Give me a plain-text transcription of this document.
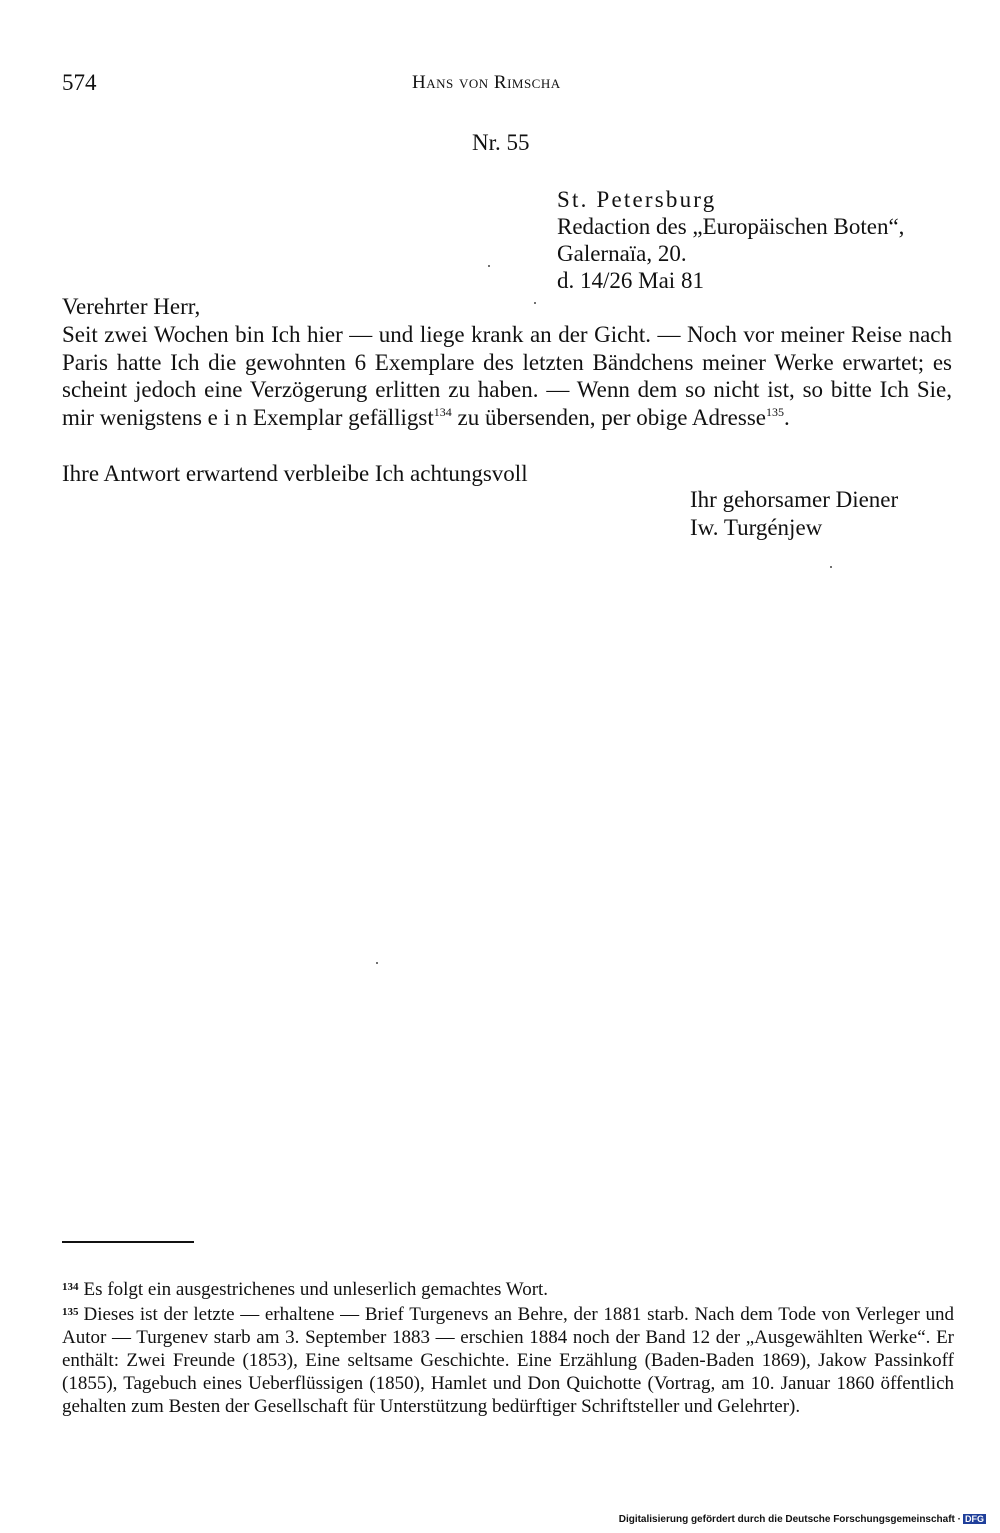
574	Hans von Rimscha
Nr. 55
St. Petersburg
Redaction des „Europäischen Boten“,
Galernaïa, 20.
d. 14/26 Mai 81
Verehrter Herr,

Seit zwei Wochen bin Ich hier — und liege krank an der Gicht. — Noch vor meiner Reise nach Paris hatte Ich die gewohnten 6 Exemplare des letzten Bändchens meiner Werke erwartet; es scheint jedoch eine Verzögerung erlitten zu haben. — Wenn dem so nicht ist, so bitte Ich Sie, mir wenigstens e i n Exemplar gefälligst$^{134}$ zu übersenden, per obige Adresse$^{135}$.

Ihre Antwort erwartend verbleibe Ich achtungsvoll
Ihr gehorsamer Diener
Iw. Turgénjew

$^{134}$ Es folgt ein ausgestrichenes und unleserlich gemachtes Wort.

$^{135}$ Dieses ist der letzte — erhaltene — Brief Turgenevs an Behre, der 1881 starb. Nach dem Tode von Verleger und Autor — Turgenev starb am 3. September 1883 — erschien 1884 noch der Band 12 der „Ausgewählten Werke“. Er enthält: Zwei Freunde (1853), Eine seltsame Geschichte. Eine Erzählung (Baden-Baden 1869), Jakow Passinkoff (1855), Tagebuch eines Ueberflüssigen (1850), Hamlet und Don Quichotte (Vortrag, am 10. Januar 1860 öffentlich gehalten zum Besten der Gesellschaft für Unterstützung bedürftiger Schriftsteller und Gelehrter).

Digitalisierung gefördert durch die Deutsche Forschungsgemeinschaft · DFG
